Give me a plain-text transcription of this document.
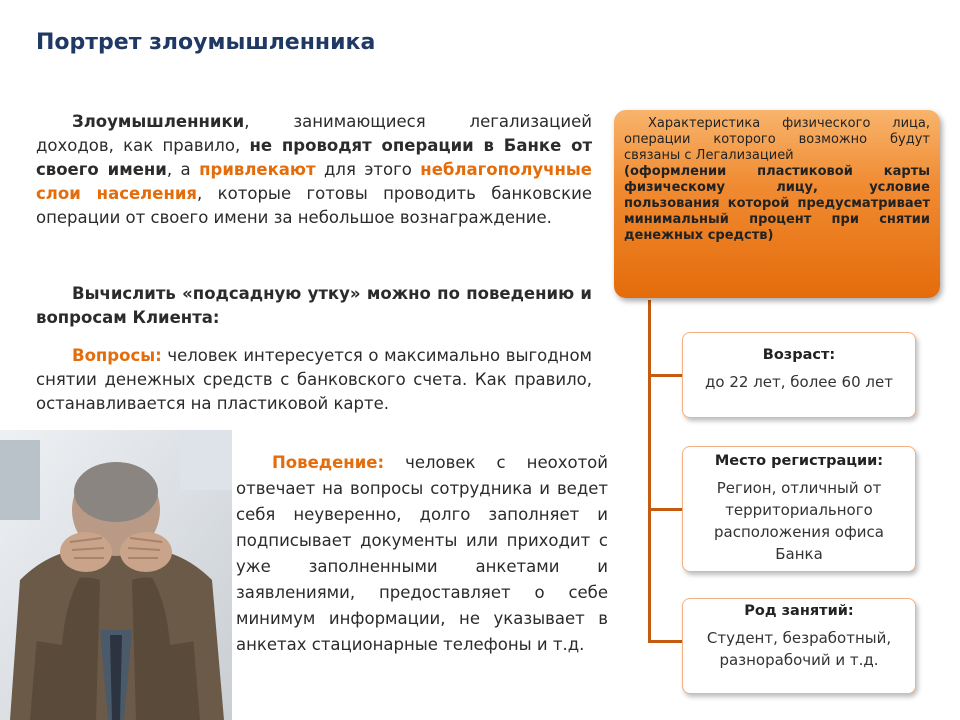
Портрет злоумышленника

Злоумышленники, занимающиеся легализацией доходов, как правило, не проводят операции в Банке от своего имени, а привлекают для этого неблагополучные слои населения, которые готовы проводить банковские операции от своего имени за небольшое вознаграждение.

Вычислить «подсадную утку» можно по поведению и вопросам Клиента:

Вопросы: человек интересуется о максимально выгодном снятии денежных средств с банковского счета. Как правило, останавливается на пластиковой карте.

Поведение: человек с неохотой отвечает на вопросы сотрудника и ведет себя неуверенно, долго заполняет и подписывает документы или приходит с уже заполненными анкетами и заявлениями, предоставляет о себе минимум информации, не указывает в анкетах стационарные телефоны и т.д.

Характеристика физического лица, операции которого возможно будут связаны с Легализацией
(оформлении пластиковой карты физическому лицу, условие пользования которой предусматривает минимальный процент при снятии денежных средств)
Возраст:
до 22 лет, более 60 лет
Место регистрации:
Регион, отличный от территориального расположения офиса Банка
Род занятий:
Студент, безработный, разнорабочий и т.д.
